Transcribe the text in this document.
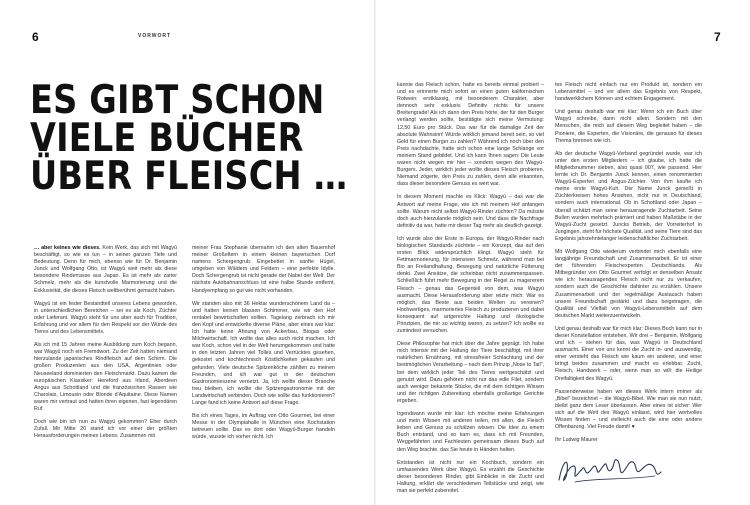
6	VORWORT
ES GIBT SCHON
VIELE BÜCHER
ÜBER FLEISCH …

… aber keines wie dieses. Kein Werk, das sich mit Wagyū beschäftigt, so wie es tun – in seiner ganzen Tiefe und Bedeutung. Denn für mich, ebenso wie für Dr. Benjamin Junck und Wolfgang Otto, ist Wagyū weit mehr als diese besondere Rinderrasse aus Japan. Es ist mehr als zarter Schmelz, mehr als die kunstvolle Marmorierung und die Exklusivität, die dieses Fleisch weltberühmt gemacht haben.

Wagyū ist ein fester Bestandteil unseres Lebens geworden, in unterschiedlichen Bereichen – sei es als Koch, Züchter oder Lieferant. Wagyū steht für uns aber auch für Tradition, Erfahrung und vor allem für den Respekt vor der Würde des Tieres und des Lebensmittels.

Als ich mit 15 Jahren meine Ausbildung zum Koch begann, war Wagyū noch ein Fremdwort. Zu der Zeit hatten niemand hierzulande japanisches Rindfleisch auf dem Schirm. Die großen Produzenten aus den USA, Argentinien oder Neuseeland dominierten den Fleischmarkt. Dazu kamen die europäischen Klassiker: Hereford aus Irland, Aberdeen Angus aus Schottland und die französischen Rassen wie Charolais, Limousin oder Blonde d'Aquitaine. Diese Namen waren mir vertraut und hatten ihren eigenen, fast legendären Ruf.

Doch wie bin ich nun zu Wagyū gekommen? Eher durch Zufall. Mit Mitte 20 stand ich vor einer der größten Herausforderungen meines Lebens: Zusammen mit

meiner Frau Stephanie übernahm ich den alten Bauernhof meiner Großeltern in einem kleinen bayerischen Dorf namens Schergengrub. Eingebettet in sanfte Hügel, umgeben von Wäldern und Feldern – eine perfekte Idylle. Doch Schergengrub ist nicht gerade der Nabel der Welt. Der nächste Autobahnanschluss ist eine halbe Stunde entfernt, Handyempfang so gut wie nicht vorhanden.

Wir standen also mit 36 Hektar wunderschönem Land da – und hatten keinen blassen Schimmer, wie wir den Hof rentabel bewirtschaften sollten. Tagelang zerbrach ich mir den Kopf und entwickelte diverse Pläne, aber eines war klar: Ich hatte keine Ahnung von Ackerbau, Biogas oder Milchwirtschaft. Ich wollte das alles auch nicht machen. Ich war Koch, schon viel in der Welt herumgekommen und hatte in den letzten Jahren viel Tolles und Verrücktes gesehen, gekostet und kochtechnisch Köstlichkeiten gekaufen und gefunden. Viele deutsche Spitzenköche zählten zu meinen Freunden, und ich war gut in der deutschen Gastronomieszene vernetzt. Ja, ich wollte dieser Branche treu bleiben, ich wollte die Spitzengastronomie mit der Landwirtschaft verbinden. Doch wie sollte das funktionieren? Lange fand ich keine Antwort auf diese Frage.

Bis ich eines Tages, im Auftrag von Otto Gourmet, bei einer Messe in der Olympiahalle in München eine Kochstation betreuen sollte. Das es dort oder Wagyū-Burger handeln würde, wusste ich vorher nicht. Ich

7

kannte das Fleisch schon, hatte es bereits einmal probiert – und es erinnerte mich sofort an einen guten kalifornischen Rotwein: erstklassig, mit besonderem Charakter, aber dennoch sehr exklusiv. Definitiv nichts für unsere Breitengrade! Als ich dann den Preis hörte, der für den Burger verlangt werden sollte, bestätigte sich meine Vermutung: 12,50 Euro pro Stück. Das war für die damalige Zeit der absolute Wahnsinn! Würde wirklich jemand bereit sein, so viel Geld für einen Burger zu zahlen? Während ich noch über den Preis nachdachte, hatte sich schon eine lange Schlange vor meinem Stand gebildet. Und ich kann Ihnen sagen: Die Leute waren nicht wegen mir hier – sondern wegen des Wagyū-Burgers. Jeder, wirklich jeder wollte dieses Fleisch probieren. Niemand zögerte, den Preis zu zahlen, denn alle erkannten, dass dieser besondere Genuss es wert war.

In diesem Moment machte es Klick: Wagyū – das war die Antwort auf meine Frage, wie ich mit meinem Hof anfangen sollte. Warum nicht selbst Wagyū-Rinder züchten? Da müsste doch auch hierzulande möglich sein. Und dass die Nachfrage definitiv da war, hatte mir dieser Tag mehr als deutlich gezeigt.

Ich wurde also der Erste in Europa, der Wagyū-Rinder nach biologischen Standards züchtete – ein Konzept, das auf den ersten Blick widersprüchlich klingt. Wagyū steht für Fettmarmorierung, für intensiven Schmelz, während man bei Bio an Freilandhaltung, Bewegung und natürliche Fütterung denkt. Zwei Ansätze, die scheinbar nicht zusammenpassen. Schließlich führt mehr Bewegung in der Regel zu magererem Fleisch – genau das Gegenteil von dem, was Wagyū ausmacht. Diese Herausforderung aber reizte mich: War es möglich, das Beste aus beiden Welten zu vereinen? Hochwertiges, marmoriertes Fleisch zu produzieren und dabei konsequent auf artgerechte Haltung und ökologische Prinzipien, die mir so wichtig waren, zu setzen? Ich wollte es zumindest versuchen.

Diese Philosophie hat mich über die Jahre geprägt. Ich habe mich intensiv mit der Haltung der Tiere beschäftigt, mit ihrer natürlichen Ernährung, mit stressfreier Schlachtung und der bestmöglichen Verarbeitung – nach dem Prinzip „Nose to Tail", bei dem wirklich jeder Teil des Tieres wertgeschätzt und genutzt wird. Dazu gehören nicht nur das edle Filet, sondern auch weniger bekannte Stücke, die mit dem richtigen Wissen und der richtigen Zubereitung ebenfalls großartige Gerichte ergeben.

Irgendwann wurde mir klar: Ich möchte meine Erfahrungen und mein Wissen mit anderen teilen, mit allen, die Fleisch lieben und Genuss zu schätzen wissen. Die Idee zu einem Buch entstand, und so kam es, dass ich mit Freunden, Weggefährten und Fachleuten gemeinsam dieses Buch auf den Weg brachte, das Sie heute in Händen halten.

Entstanden ist nicht nur ein Kochbuch, sondern ein umfassendes Werk über Wagyū. Es erzählt die Geschichte dieser besonderen Rinder, gibt Einblicke in die Zucht und Haltung, erklärt die verschiedenen Teilstücke und zeigt, wie man sie perfekt zubereitet.

tes Fleisch nicht einfach nur ein Produkt ist, sondern ein Lebensmittel – und vor allem das Ergebnis von Respekt, handwerklichem Können und echtem Engagement.

Und genau deshalb war mir klar: Wenn ich ein Buch über Wagyū schreibe, dann nicht allein. Sondern mit den Menschen, die mich auf diesem Weg begleitet haben – die Pioniere, die Experten, die Visionäre, die genauso für dieses Thema brennen wie ich.

Als der deutsche Wagyū-Verband gegründet wurde, war ich unter den ersten Mitgliedern – ich glaube, ich hatte die Mitgliedsnummer sieben, also quasi 007, wie passend. Hier lernte ich Dr. Benjamin Junck kennen, einen renommierten Wagyū-Experten und Angus-Züchter. Von ihm kaufte ich meine erste Wagyū-Kuh. Der Name Junck genießt in Züchterkreisen hohes Ansehen, nicht nur in Deutschland, sondern auch international. Ob in Schottland oder Japan – überall schätzt man seine herausragende Zuchtarbeit. Seine Bullen wurden mehrfach prämiert und haben Maßstäbe in der Wagyū-Zucht gesetzt. Juncks Betrieb, der Vorreiterhof in Jungingen, steht für höchste Qualität, und seine Tiere sind das Ergebnis jahrzehntelanger leidenschaftlicher Zuchtarbeit.

Mit Wolfgang Otto wiederum verbindet mich ebenfalls eine langjährige Freundschaft und Zusammenarbeit. Er ist einer der führenden Fleischexperten Deutschlands. Als Mitbegründer von Otto Gourmet verfolgt er denselben Ansatz wie ich: herausragendes Fleisch nicht nur zu verkaufen, sondern auch die Geschichte dahinter zu erzählen. Unsere Zusammenarbeit und der regelmäßige Austausch haben unsere Freundschaft gestärkt und dazu beigetragen, die Qualität und Vielfalt von Wagyū-Lebensmitteln auf dem deutschen Markt weiterzuentwickeln.

Und genau deshalb war für mich klar: Dieses Buch kann nur in dieser Konstellation entstehen. Wir drei – Benjamin, Wolfgang und ich – stehen für das, was Wagyū in Deutschland ausmacht. Einer von uns kennt die Zucht in- und auswendig, einer versteht das Fleisch wie kaum ein anderer, und einer bringt beides zusammen und macht es erlebbar. Zucht, Fleisch, Handwerk – oder, wenn man so will: die Heilige Dreifaltigkeit des Wagyū.

Passenderweise haben wir dieses Werk intern immer als „Bibel" bezeichnet – die Wagyū-Bibel. Wie man sie nun nutzt, bleibt ganz dem Leser überlassen. Aber eines ist sicher: Wer sich auf die Welt des Wagyū einlässt, wird hier wertvolles Wissen finden – und vielleicht auch die eine oder andere Offenbarung. Viel Freude damit! ♥

Ihr Ludwig Maurer
